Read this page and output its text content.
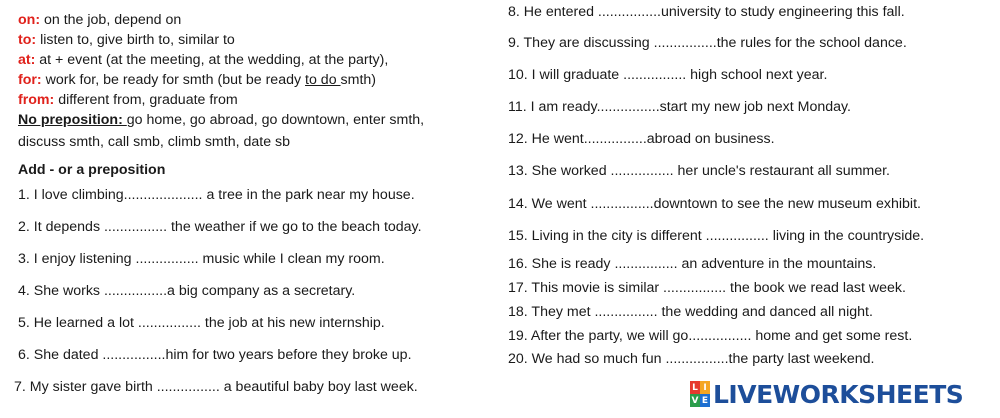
on: on the job, depend on
to: listen to, give birth to, similar to
at: at + event (at the meeting, at the wedding, at the party),
for: work for, be ready for smth (but be ready to do smth)
from: different from, graduate from
No preposition: go home, go abroad, go downtown, enter smth,
discuss smth, call smb, climb smth, date sb
Add - or a preposition
1. I love climbing.................... a tree in the park near my house.
2. It depends ................ the weather if we go to the beach today.
3. I enjoy listening ................ music while I clean my room.
4. She works ................a big company as a secretary.
5. He learned a lot ................ the job at his new internship.
6. She dated ................him for two years before they broke up.
7. My sister gave birth ................ a beautiful baby boy last week.
8. He entered ................university to study engineering this fall.
9. They are discussing ................the rules for the school dance.
10. I will graduate ................ high school next year.
11. I am ready................start my new job next Monday.
12. He went................abroad on business.
13. She worked ................ her uncle's restaurant all summer.
14. We went ................downtown to see the new museum exhibit.
15. Living in the city is different ................ living in the countryside.
16. She is ready ................ an adventure in the mountains.
17. This movie is similar ................ the book we read last week.
18. They met ................ the wedding and danced all night.
19. After the party, we will go................ home and get some rest.
20. We had so much fun ................the party last weekend.
L I
V E LIVEWORKSHEETS
